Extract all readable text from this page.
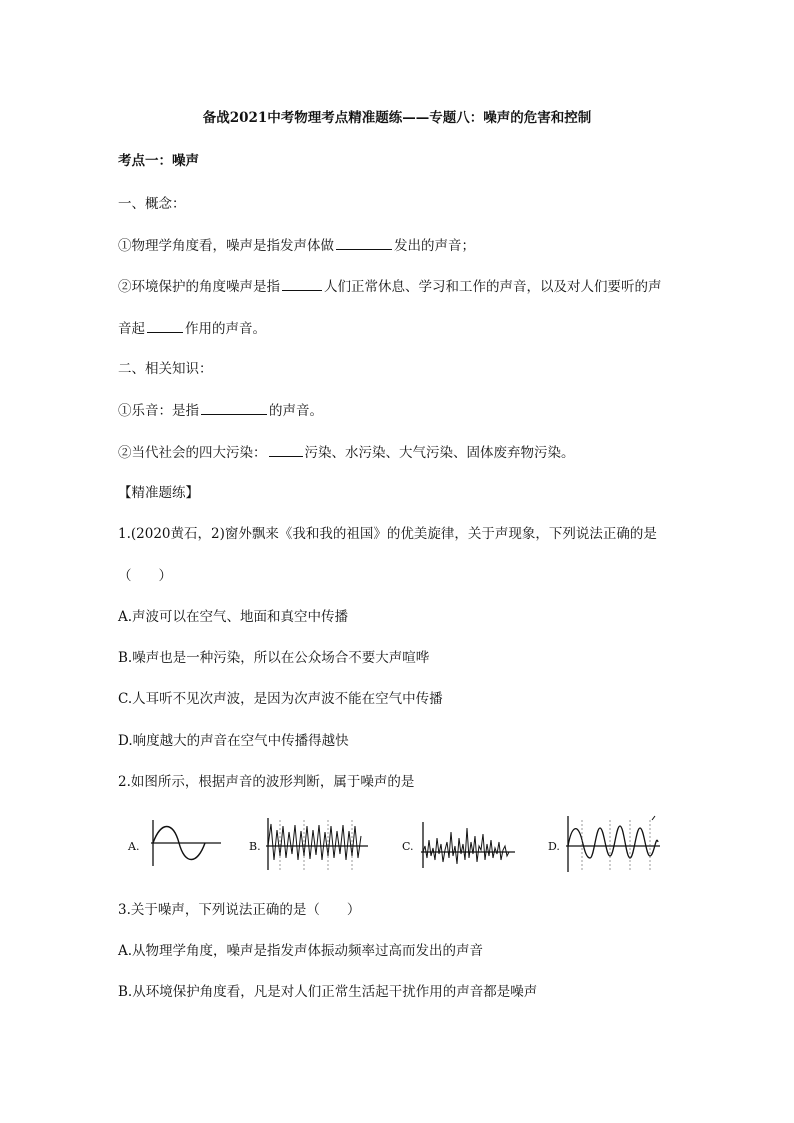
备战2021中考物理考点精准题练——专题八：噪声的危害和控制
考点一：噪声
一、概念：
①物理学角度看，噪声是指发声体做	发出的声音；
②环境保护的角度噪声是指	人们正常休息、学习和工作的声音，以及对人们要听的声
音起	作用的声音。
二、相关知识：
①乐音：是指	的声音。
②当代社会的四大污染：	污染、水污染、大气污染、固体废弃物污染。
【精准题练】
1.(2020黄石，2)窗外飘来《我和我的祖国》的优美旋律，关于声现象，下列说法正确的是
（　　）
A.声波可以在空气、地面和真空中传播
B.噪声也是一种污染，所以在公众场合不要大声喧哗
C.人耳听不见次声波，是因为次声波不能在空气中传播
D.响度越大的声音在空气中传播得越快
2.如图所示，根据声音的波形判断，属于噪声的是
A.	B.	C.	D.
3.关于噪声，下列说法正确的是（　　）
A.从物理学角度，噪声是指发声体振动频率过高而发出的声音
B.从环境保护角度看，凡是对人们正常生活起干扰作用的声音都是噪声
